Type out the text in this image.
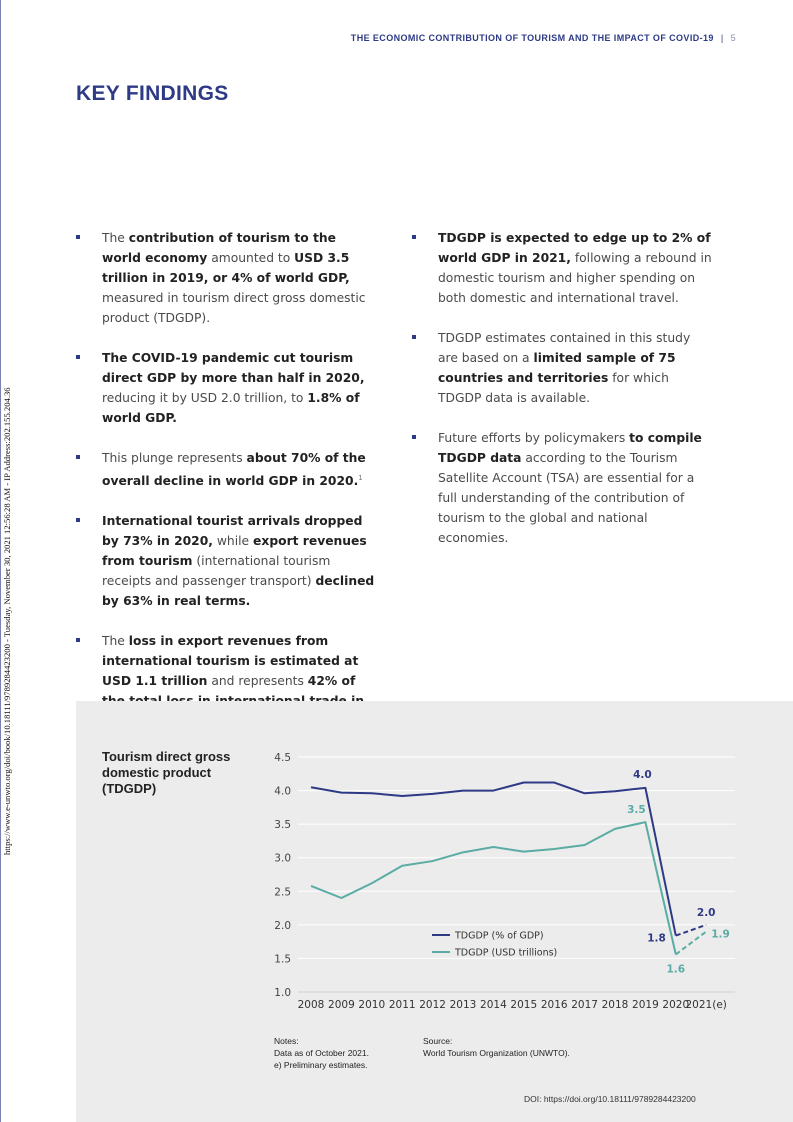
https://www.e-unwto.org/doi/book/10.18111/9789284423200 - Tuesday, November 30, 2021 12:56:28 AM - IP Address:202.155.204.36
THE ECONOMIC CONTRIBUTION OF TOURISM AND THE IMPACT OF COVID-19 | 5
KEY FINDINGS
The contribution of tourism to the world economy amounted to USD 3.5 trillion in 2019, or 4% of world GDP, measured in tourism direct gross domestic product (TDGDP).
The COVID-19 pandemic cut tourism direct GDP by more than half in 2020, reducing it by USD 2.0 trillion, to 1.8% of world GDP.
This plunge represents about 70% of the overall decline in world GDP in 2020.$^1$
International tourist arrivals dropped by 73% in 2020, while export revenues from tourism (international tourism receipts and passenger transport) declined by 63% in real terms.
The loss in export revenues from international tourism is estimated at USD 1.1 trillion and represents 42% of
TDGDP is expected to edge up to 2% of world GDP in 2021, following a rebound in domestic tourism and higher spending on both domestic and international travel.
TDGDP estimates contained in this study are based on a limited sample of 75 countries and territories for which TDGDP data is available.
Future efforts by policymakers to compile TDGDP data according to the Tourism Satellite Account (TSA) are essential for a full understanding of the contribution of tourism to the global and national economies.
Tourism direct gross domestic product (TDGDP)
1.0
1.5
2.0
2.5
3.0
3.5
4.0
4.5
2008 2009 2010 2011 2012 2013 2014 2015 2016 2017 2018 2019 2020
2021(e)
4.0
3.5
1.8
1.6
2.0
1.9
TDGDP (% of GDP)
TDGDP (USD trillions)
Notes:
Data as of October 2021.
e) Preliminary estimates.
Source:
World Tourism Organization (UNWTO).
DOI: https://doi.org/10.18111/9789284423200
